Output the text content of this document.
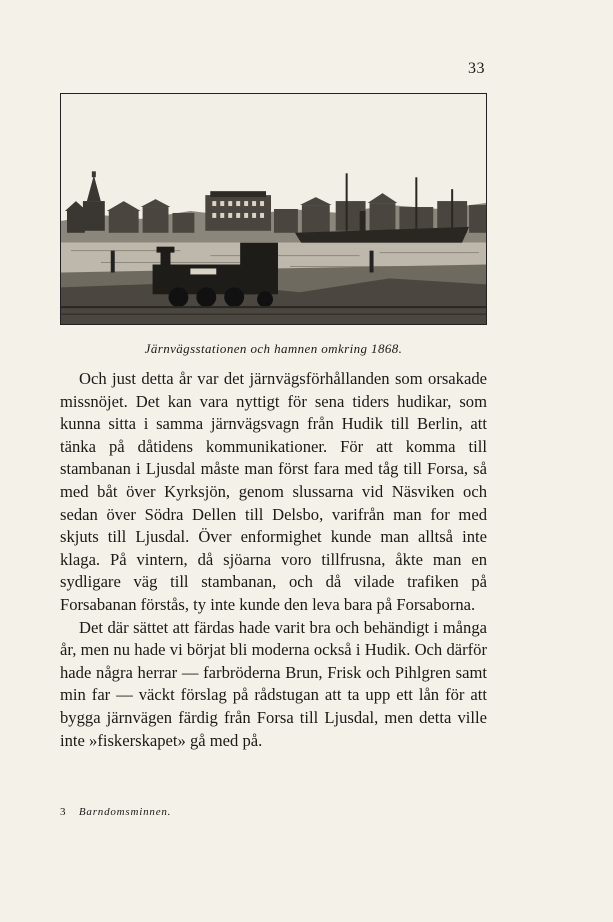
33
Järnvägsstationen och hamnen omkring 1868.

Och just detta år var det järnvägsförhållanden som orsakade missnöjet. Det kan vara nyttigt för sena tiders hudikar, som kunna sitta i samma järnvägsvagn från Hudik till Berlin, att tänka på dåtidens kommunikationer. För att komma till stambanan i Ljusdal måste man först fara med tåg till Forsa, så med båt över Kyrksjön, genom slussarna vid Näsviken och sedan över Södra Dellen till Delsbo, varifrån man for med skjuts till Ljusdal. Över enformighet kunde man alltså inte klaga. På vintern, då sjöarna voro tillfrusna, åkte man en sydligare väg till stambanan, och då vilade trafiken på Forsabanan förstås, ty inte kunde den leva bara på Forsaborna.

Det där sättet att färdas hade varit bra och behändigt i många år, men nu hade vi börjat bli moderna också i Hudik. Och därför hade några herrar — farbröderna Brun, Frisk och Pihlgren samt min far — väckt förslag på rådstugan att ta upp ett lån för att bygga järnvägen färdig från Forsa till Ljusdal, men detta ville inte »fiskerskapet» gå med på.

3 Barndomsminnen.
